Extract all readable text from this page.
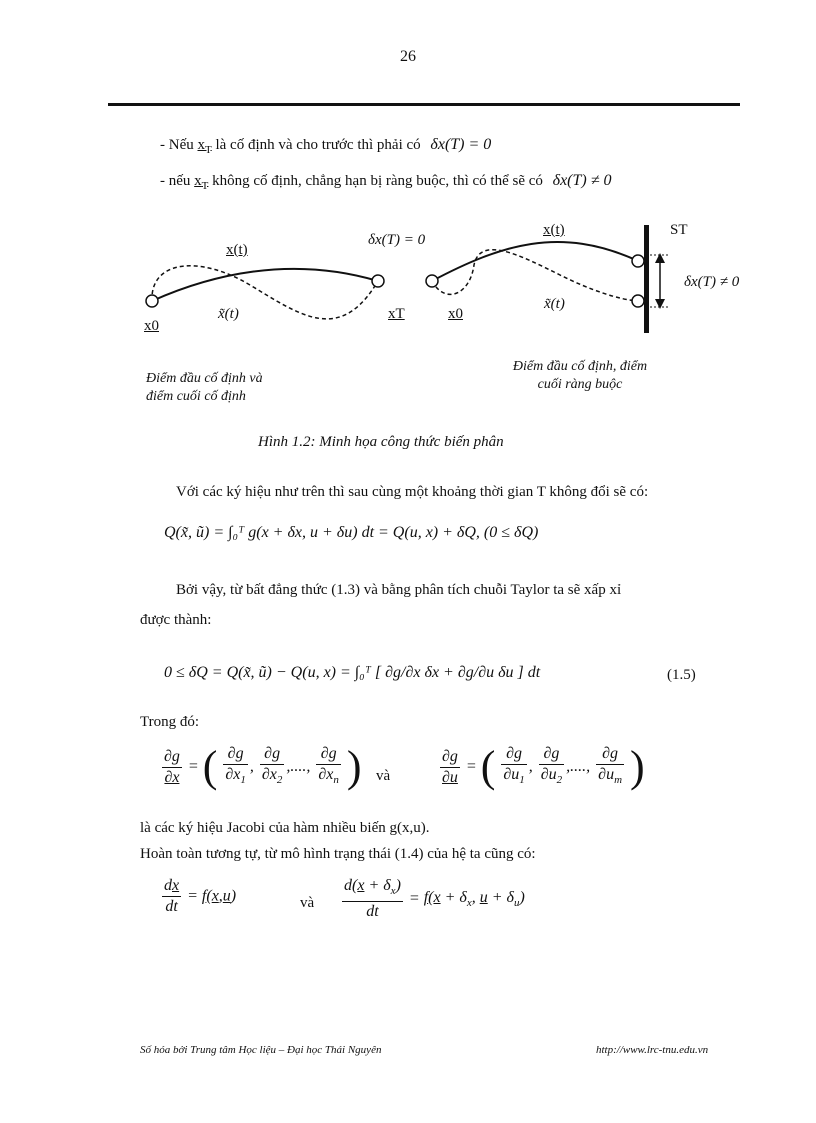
26
- Nếu $x_T$ là cố định và cho trước thì phải có δx(T) = 0
- nếu $x_T$ không cố định, chẳng hạn bị ràng buộc, thì có thể sẽ có δx(T) ≠ 0
x(t)
x̃(t)
x0
xT
δx(T) = 0
x(t)
x̃(t)
x0
ST
δx(T) ≠ 0
Điểm đầu cố định và
điểm cuối cố định
Điểm đầu cố định, điểm
cuối ràng buộc
Hình 1.2: Minh họa công thức biến phân
Với các ký hiệu như trên thì sau cùng một khoảng thời gian T không đổi sẽ có:
Q(x̃, ũ) = ∫₀ᵀ g(x + δx, u + δu) dt = Q(u, x) + δQ, (0 ≤ δQ)
Bởi vậy, từ bất đẳng thức (1.3) và bằng phân tích chuỗi Taylor ta sẽ xấp xỉ
được thành:
0 ≤ δQ = Q(x̃, ũ) − Q(u, x) = ∫₀ᵀ [ ∂g/∂x δx + ∂g/∂u δu ] dt	(1.5)
Trong đó:
$\frac{\partial g}{\partial x}$ = ( $\frac{\partial g}{\partial x_1}$ , $\frac{\partial g}{\partial x_2}$ ,...., $\frac{\partial g}{\partial x_n}$ ) và	$\frac{\partial g}{\partial u}$ = ( $\frac{\partial g}{\partial u_1}$ , $\frac{\partial g}{\partial u_2}$ ,...., $\frac{\partial g}{\partial u_m}$ )
là các ký hiệu Jacobi của hàm nhiều biến g(x,u).
Hoàn toàn tương tự, từ mô hình trạng thái (1.4) của hệ ta cũng có:
$\frac{dx}{dt} = f(x,u)$	và $\frac{d(x + \delta_x)}{dt} = f(x + \delta_x$, $u + \delta_u$)
Số hóa bởi Trung tâm Học liệu – Đại học Thái Nguyên	http://www.lrc-tnu.edu.vn
